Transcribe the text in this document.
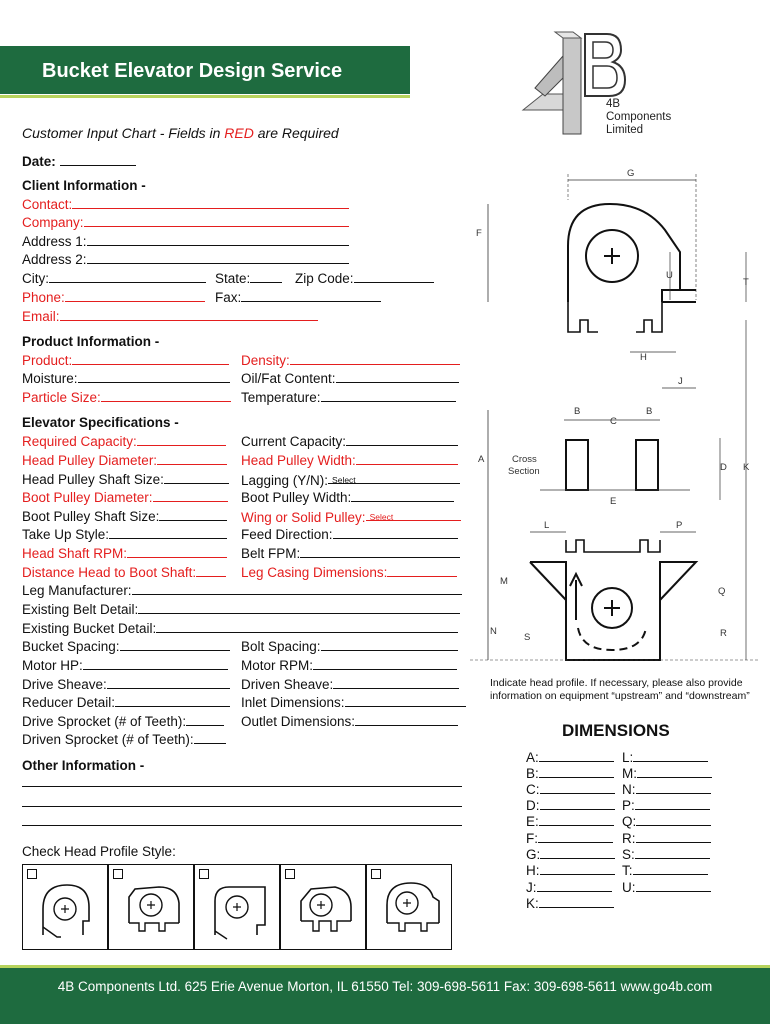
Bucket Elevator Design Service
4B
Components
Limited
Customer Input Chart - Fields in RED are Required
Date:
Client Information -
Contact:
Company:
Address 1:
Address 2:
City:	State:	Zip Code:
Phone:	Fax:
Email:
Product Information -
Product:	Density:
Moisture:	Oil/Fat Content:
Particle Size:	Temperature:
Elevator Specifications -
Required Capacity:	Current Capacity:
Head Pulley Diameter:	Head Pulley Width:
Head Pulley Shaft Size:	Lagging (Y/N): Select
Boot Pulley Diameter:	Boot Pulley Width:
Boot Pulley Shaft Size:	Wing or Solid Pulley: Select
Take Up Style:	Feed Direction:
Head Shaft RPM:	Belt FPM:
Distance Head to Boot Shaft:	Leg Casing Dimensions:
Leg Manufacturer:
Existing Belt Detail:
Existing Bucket Detail:
Bucket Spacing:	Bolt Spacing:
Motor HP:	Motor RPM:
Drive Sheave:	Driven Sheave:
Reducer Detail:	Inlet Dimensions:
Drive Sprocket (# of Teeth):	Outlet Dimensions:
Driven Sprocket (# of Teeth):
Other Information -
Check Head Profile Style:
G
F
U
T
H
J
A
B
C
B
Cross
Section	D K
E
L	P
M
Q
N
S	R
Indicate head profile. If necessary, please also provide
information on equipment “upstream” and “downstream”
DIMENSIONS
A:
B:
C:
D:
E:
F:
G:
H:
J:
K:
L:
M:
N:
P:
Q:
R:
S:
T:
U:
4B Components Ltd. 625 Erie Avenue Morton, IL 61550 Tel: 309-698-5611 Fax: 309-698-5611 www.go4b.com
